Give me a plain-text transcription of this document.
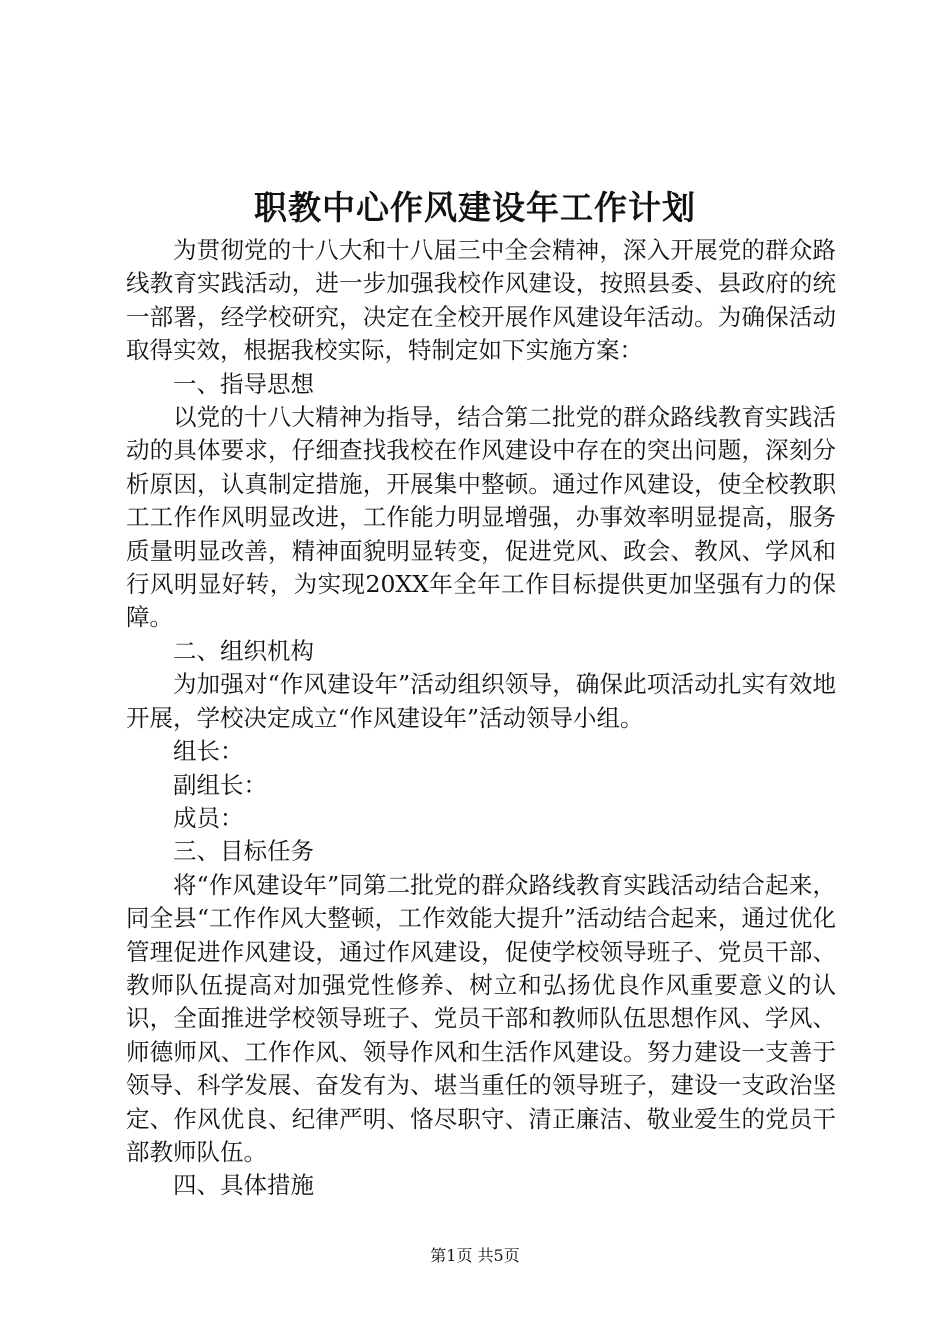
职教中心作风建设年工作计划

为贯彻党的十八大和十八届三中全会精神，深入开展党的群众路线教育实践活动，进一步加强我校作风建设，按照县委、县政府的统一部署，经学校研究，决定在全校开展作风建设年活动。为确保活动取得实效，根据我校实际，特制定如下实施方案：

一、指导思想

以党的十八大精神为指导，结合第二批党的群众路线教育实践活动的具体要求，仔细查找我校在作风建设中存在的突出问题，深刻分析原因，认真制定措施，开展集中整顿。通过作风建设，使全校教职工工作作风明显改进，工作能力明显增强，办事效率明显提高，服务质量明显改善，精神面貌明显转变，促进党风、政会、教风、学风和行风明显好转，为实现20XX年全年工作目标提供更加坚强有力的保障。

二、组织机构

为加强对“作风建设年”活动组织领导，确保此项活动扎实有效地开展，学校决定成立“作风建设年”活动领导小组。

组长：

副组长：

成员：

三、目标任务

将“作风建设年”同第二批党的群众路线教育实践活动结合起来，同全县“工作作风大整顿，工作效能大提升”活动结合起来，通过优化管理促进作风建设，通过作风建设，促使学校领导班子、党员干部、教师队伍提高对加强党性修养、树立和弘扬优良作风重要意义的认识，全面推进学校领导班子、党员干部和教师队伍思想作风、学风、师德师风、工作作风、领导作风和生活作风建设。努力建设一支善于领导、科学发展、奋发有为、堪当重任的领导班子，建设一支政治坚定、作风优良、纪律严明、恪尽职守、清正廉洁、敬业爱生的党员干部教师队伍。

四、具体措施

第1页 共5页
